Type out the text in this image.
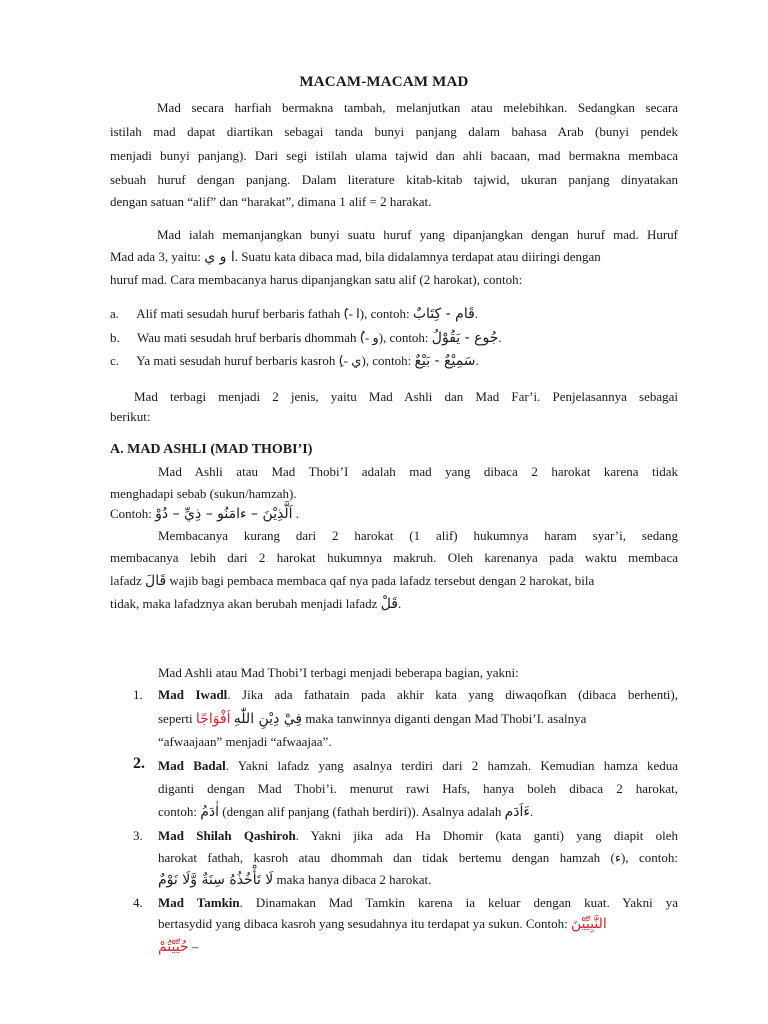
MACAM-MACAM MAD
Mad secara harfiah bermakna tambah, melanjutkan atau melebihkan. Sedangkan secara
istilah mad dapat diartikan sebagai tanda bunyi panjang dalam bahasa Arab (bunyi pendek
menjadi bunyi panjang). Dari segi istilah ulama tajwid dan ahli bacaan, mad bermakna membaca
sebuah huruf dengan panjang. Dalam literature kitab-kitab tajwid, ukuran panjang dinyatakan
dengan satuan “alif” dan “harakat”, dimana 1 alif = 2 harakat.
Mad ialah memanjangkan bunyi suatu huruf yang dipanjangkan dengan huruf mad. Huruf
Mad ada 3, yaitu: ا و ي. Suatu kata dibaca mad, bila didalamnya terdapat atau diiringi dengan
huruf mad. Cara membacanya harus dipanjangkan satu alif (2 harokat), contoh:
a. Alif mati sesudah huruf berbaris fathah (َ- ا), contoh: قَام - كِتَابٌ.
b. Wau mati sesudah hruf berbaris dhommah (ُ- و), contoh: جُوع - يَقُوْلُ.
c. Ya mati sesudah huruf berbaris kasroh (ِ- ي), contoh: سَمِيْعٌ - بَيْعٌ.
Mad terbagi menjadi 2 jenis, yaitu Mad Ashli dan Mad Far’i. Penjelasannya sebagai
berikut:
A. MAD ASHLI (MAD THOBI’I)
Mad Ashli atau Mad Thobi’I adalah mad yang dibaca 2 harokat karena tidak
menghadapi sebab (sukun/hamzah).
Contoh: اَلَّذِيْنَ – ءامَنُو – ذِيِّ – دُوْ .
Membacanya kurang dari 2 harokat (1 alif) hukumnya haram syar’i, sedang
membacanya lebih dari 2 harokat hukumnya makruh. Oleh karenanya pada waktu membaca
lafadz قَالَ wajib bagi pembaca membaca qaf nya pada lafadz tersebut dengan 2 harokat, bila
tidak, maka lafadznya akan berubah menjadi lafadz قَلْ.
Mad Ashli atau Mad Thobi’I terbagi menjadi beberapa bagian, yakni:
1. Mad Iwadl. Jika ada fathatain pada akhir kata yang diwaqofkan (dibaca berhenti),
seperti اَفْوَاجًا فِيْ دِيْنِ اللّٰهِ maka tanwinnya diganti dengan Mad Thobi’I. asalnya
“afwaajaan” menjadi “afwaajaa”.
2. Mad Badal. Yakni lafadz yang asalnya terdiri dari 2 hamzah. Kemudian hamza kedua
diganti dengan Mad Thobi’i. menurut rawi Hafs, hanya boleh dibaca 2 harokat,
contoh: اٰدَمُ (dengan alif panjang (fathah berdiri)). Asalnya adalah ءَاَدَم.
3. Mad Shilah Qashiroh. Yakni jika ada Ha Dhomir (kata ganti) yang diapit oleh
harokat fathah, kasroh atau dhommah dan tidak bertemu dengan hamzah (ء), contoh:
لَا تَأْخُذُهُ سِنَةٌ وَّلَا نَوْمٌ maka hanya dibaca 2 harokat.
4. Mad Tamkin. Dinamakan Mad Tamkin karena ia keluar dengan kuat. Yakni ya
bertasydid yang dibaca kasroh yang sesudahnya itu terdapat ya sukun. Contoh: النَّبِيِّيْنَ
حُيِّيْتُمْ –
